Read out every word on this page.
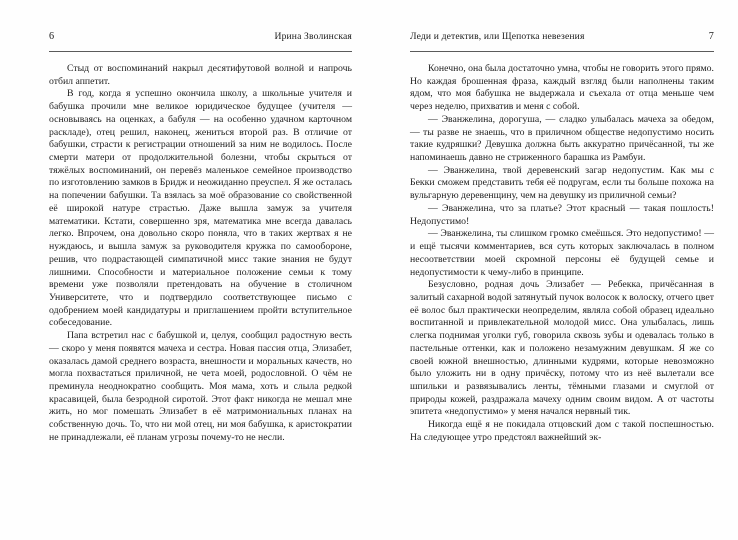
6	Ирина Зволинская

Стыд от воспоминаний накрыл десятифутовой волной и напрочь отбил аппетит.

В год, когда я успешно окончила школу, а школьные учителя и бабушка прочили мне великое юридическое будущее (учителя — основываясь на оценках, а бабуля — на особенно удачном карточном раскладе), отец решил, наконец, жениться второй раз. В отличие от бабушки, страсти к регистрации отношений за ним не водилось. После смерти матери от продолжительной болезни, чтобы скрыться от тяжёлых воспоминаний, он перевёз маленькое семейное производство по изготовлению замков в Бридж и неожиданно преуспел. Я же осталась на попечении бабушки. Та взялась за моё образование со свойственной её широкой натуре страстью. Даже вышла замуж за учителя математики. Кстати, совершенно зря, математика мне всегда давалась легко. Впрочем, она довольно скоро поняла, что в таких жертвах я не нуждаюсь, и вышла замуж за руководителя кружка по самообороне, решив, что подрастающей симпатичной мисс такие знания не будут лишними. Способности и материальное положение семьи к тому времени уже позволяли претендовать на обучение в столичном Университете, что и подтвердило соответствующее письмо с одобрением моей кандидатуры и приглашением пройти вступительное собеседование.

Папа встретил нас с бабушкой и, целуя, сообщил радостную весть — скоро у меня появятся мачеха и сестра. Новая пассия отца, Элизабет, оказалась дамой среднего возраста, внешности и моральных качеств, но могла похвастаться приличной, не чета моей, родословной. О чём не преминула неоднократно сообщить. Моя мама, хоть и слыла редкой красавицей, была безродной сиротой. Этот факт никогда не мешал мне жить, но мог помешать Элизабет в её матримониальных планах на собственную дочь. То, что ни мой отец, ни моя бабушка, к аристократии не принадлежали, её планам угрозы почему-то не несли.

Леди и детектив, или Щепотка невезения	7

Конечно, она была достаточно умна, чтобы не говорить этого прямо. Но каждая брошенная фраза, каждый взгляд были наполнены таким ядом, что моя бабушка не выдержала и съехала от отца меньше чем через неделю, прихватив и меня с собой.

— Эванжелина, дорогуша, — сладко улыбалась мачеха за обедом, — ты разве не знаешь, что в приличном обществе недопустимо носить такие кудряшки? Девушка должна быть аккуратно причёсанной, ты же напоминаешь давно не стриженного барашка из Рамбуи.

— Эванжелина, твой деревенский загар недопустим. Как мы с Бекки сможем представить тебя её подругам, если ты больше похожа на вульгарную деревенщину, чем на девушку из приличной семьи?

— Эванжелина, что за платье? Этот красный — такая пошлость! Недопустимо!

— Эванжелина, ты слишком громко смеёшься. Это недопустимо! — и ещё тысячи комментариев, вся суть которых заключалась в полном несоответствии моей скромной персоны её будущей семье и недопустимости к чему-либо в принципе.

Безусловно, родная дочь Элизабет — Ребекка, причёсанная в залитый сахарной водой затянутый пучок волосок к волоску, отчего цвет её волос был практически неопределим, являла собой образец идеально воспитанной и привлекательной молодой мисс. Она улыбалась, лишь слегка поднимая уголки губ, говорила сквозь зубы и одевалась только в пастельные оттенки, как и положено незамужним девушкам. Я же со своей южной внешностью, длинными кудрями, которые невозможно было уложить ни в одну причёску, потому что из неё вылетали все шпильки и развязывались ленты, тёмными глазами и смуглой от природы кожей, раздражала мачеху одним своим видом. А от частоты эпитета «недопустимо» у меня начался нервный тик.

Никогда ещё я не покидала отцовский дом с такой поспешностью. На следующее утро предстоял важнейший эк-
